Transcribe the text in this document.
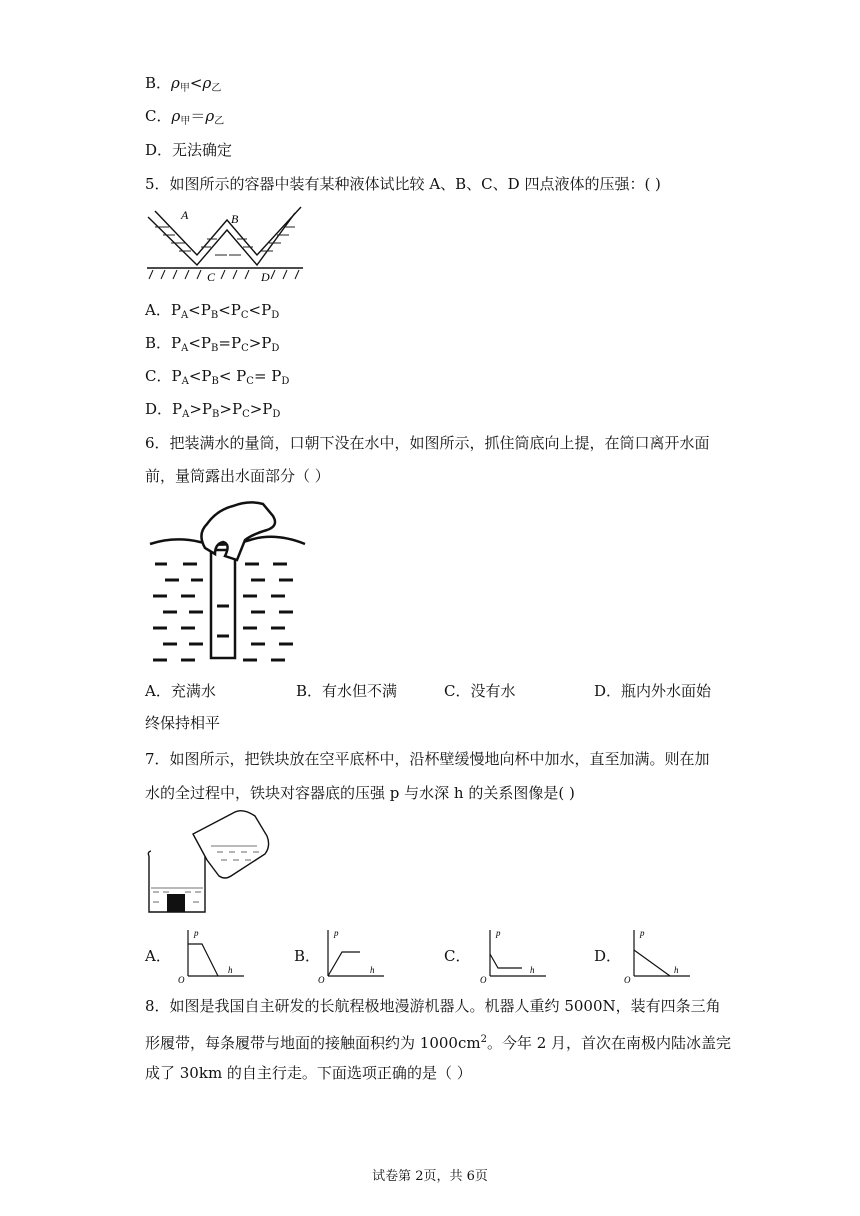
B．$\rho_甲<\rho_乙$
C．$\rho_甲=\rho_乙$
D．无法确定
5．如图所示的容器中装有某种液体试比较 A、B、C、D 四点液体的压强：( )
A	B
C	D
A．$P_A<P_B<P_C<P_D$
B．$P_A<P_B=P_C>P_D$
C．$P_A<P_B< P_C= P_D$
D．$P_A>P_B>P_C>P_D$
6．把装满水的量筒，口朝下没在水中，如图所示，抓住筒底向上提，在筒口离开水面
前，量筒露出水面部分（ ）
A．充满水	B．有水但不满	C．没有水	D．瓶内外水面始
终保持相平
7．如图所示，把铁块放在空平底杯中，沿杯壁缓慢地向杯中加水，直至加满。则在加
水的全过程中，铁块对容器底的压强 p 与水深 h 的关系图像是( )
A．
p
h
O
B．
p
h
O
C．
p
h
O
D．
p
h
O
8．如图是我国自主研发的长航程极地漫游机器人。机器人重约 5000N，装有四条三角
形履带，每条履带与地面的接触面积约为 $1000cm^2$。今年 2 月，首次在南极内陆冰盖完
成了 30km 的自主行走。下面选项正确的是（ ）
试卷第 2页，共 6页
